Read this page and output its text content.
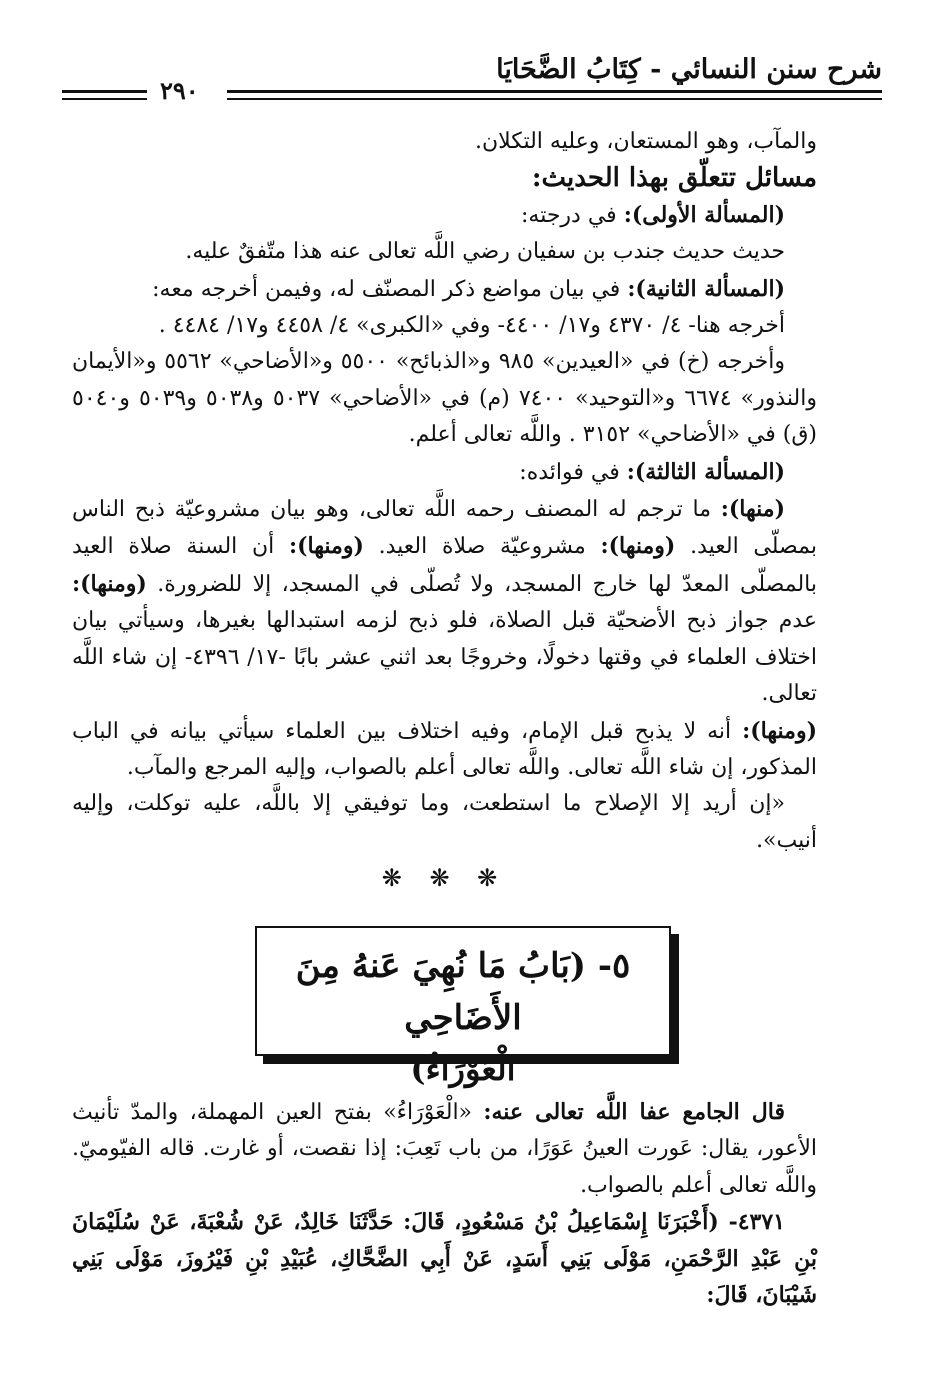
شرح سنن النسائي - كِتَابُ الضَّحَايَا
٢٩٠

والمآب، وهو المستعان، وعليه التكلان.

مسائل تتعلّق بهذا الحديث:

(المسألة الأولى): في درجته:

حديث حديث جندب بن سفيان رضي اللَّه تعالى عنه هذا متّفقٌ عليه.

(المسألة الثانية): في بيان مواضع ذكر المصنّف له، وفيمن أخرجه معه:

أخرجه هنا- ٤/ ٤٣٧٠ و١٧/ ٤٤٠٠- وفي «الكبرى» ٤/ ٤٤٥٨ و١٧/ ٤٤٨٤ .

وأخرجه (خ) في «العيدين» ٩٨٥ و«الذبائح» ٥٥٠٠ و«الأضاحي» ٥٥٦٢ و«الأيمان والنذور» ٦٦٧٤ و«التوحيد» ٧٤٠٠ (م) في «الأضاحي» ٥٠٣٧ و٥٠٣٨ و٥٠٣٩ و٥٠٤٠ (ق) في «الأضاحي» ٣١٥٢ . واللَّه تعالى أعلم.

(المسألة الثالثة): في فوائده:

(منها): ما ترجم له المصنف رحمه اللَّه تعالى، وهو بيان مشروعيّة ذبح الناس بمصلّى العيد. (ومنها): مشروعيّة صلاة العيد. (ومنها): أن السنة صلاة العيد بالمصلّى المعدّ لها خارج المسجد، ولا تُصلّى في المسجد، إلا للضرورة. (ومنها): عدم جواز ذبح الأضحيّة قبل الصلاة، فلو ذبح لزمه استبدالها بغيرها، وسيأتي بيان اختلاف العلماء في وقتها دخولًا، وخروجًا بعد اثني عشر بابًا -١٧/ ٤٣٩٦- إن شاء اللَّه تعالى.

(ومنها): أنه لا يذبح قبل الإمام، وفيه اختلاف بين العلماء سيأتي بيانه في الباب المذكور، إن شاء اللَّه تعالى. واللَّه تعالى أعلم بالصواب، وإليه المرجع والمآب.

«إن أريد إلا الإصلاح ما استطعت، وما توفيقي إلا باللَّه، عليه توكلت، وإليه أنيب».

❋ ❋ ❋

٥- (بَابُ مَا نُهِيَ عَنهُ مِنَ الأَضَاحِي
الْعَوْرَاءُ)

قال الجامع عفا اللَّه تعالى عنه: «الْعَوْرَاءُ» بفتح العين المهملة، والمدّ تأنيث الأعور، يقال: عَورت العينُ عَوَرًا، من باب تَعِبَ: إذا نقصت، أو غارت. قاله الفيّوميّ. واللَّه تعالى أعلم بالصواب.

٤٣٧١- (أَخْبَرَنَا إِسْمَاعِيلُ بْنُ مَسْعُودٍ، قَالَ: حَدَّثَنَا خَالِدٌ، عَنْ شُعْبَةَ، عَنْ سُلَيْمَانَ بْنِ عَبْدِ الرَّحْمَنِ، مَوْلَى بَنِي أَسَدٍ، عَنْ أَبِي الضَّحَّاكِ، عُبَيْدِ بْنِ فَيْرُوزَ، مَوْلَى بَنِي شَيْبَانَ، قَالَ:
